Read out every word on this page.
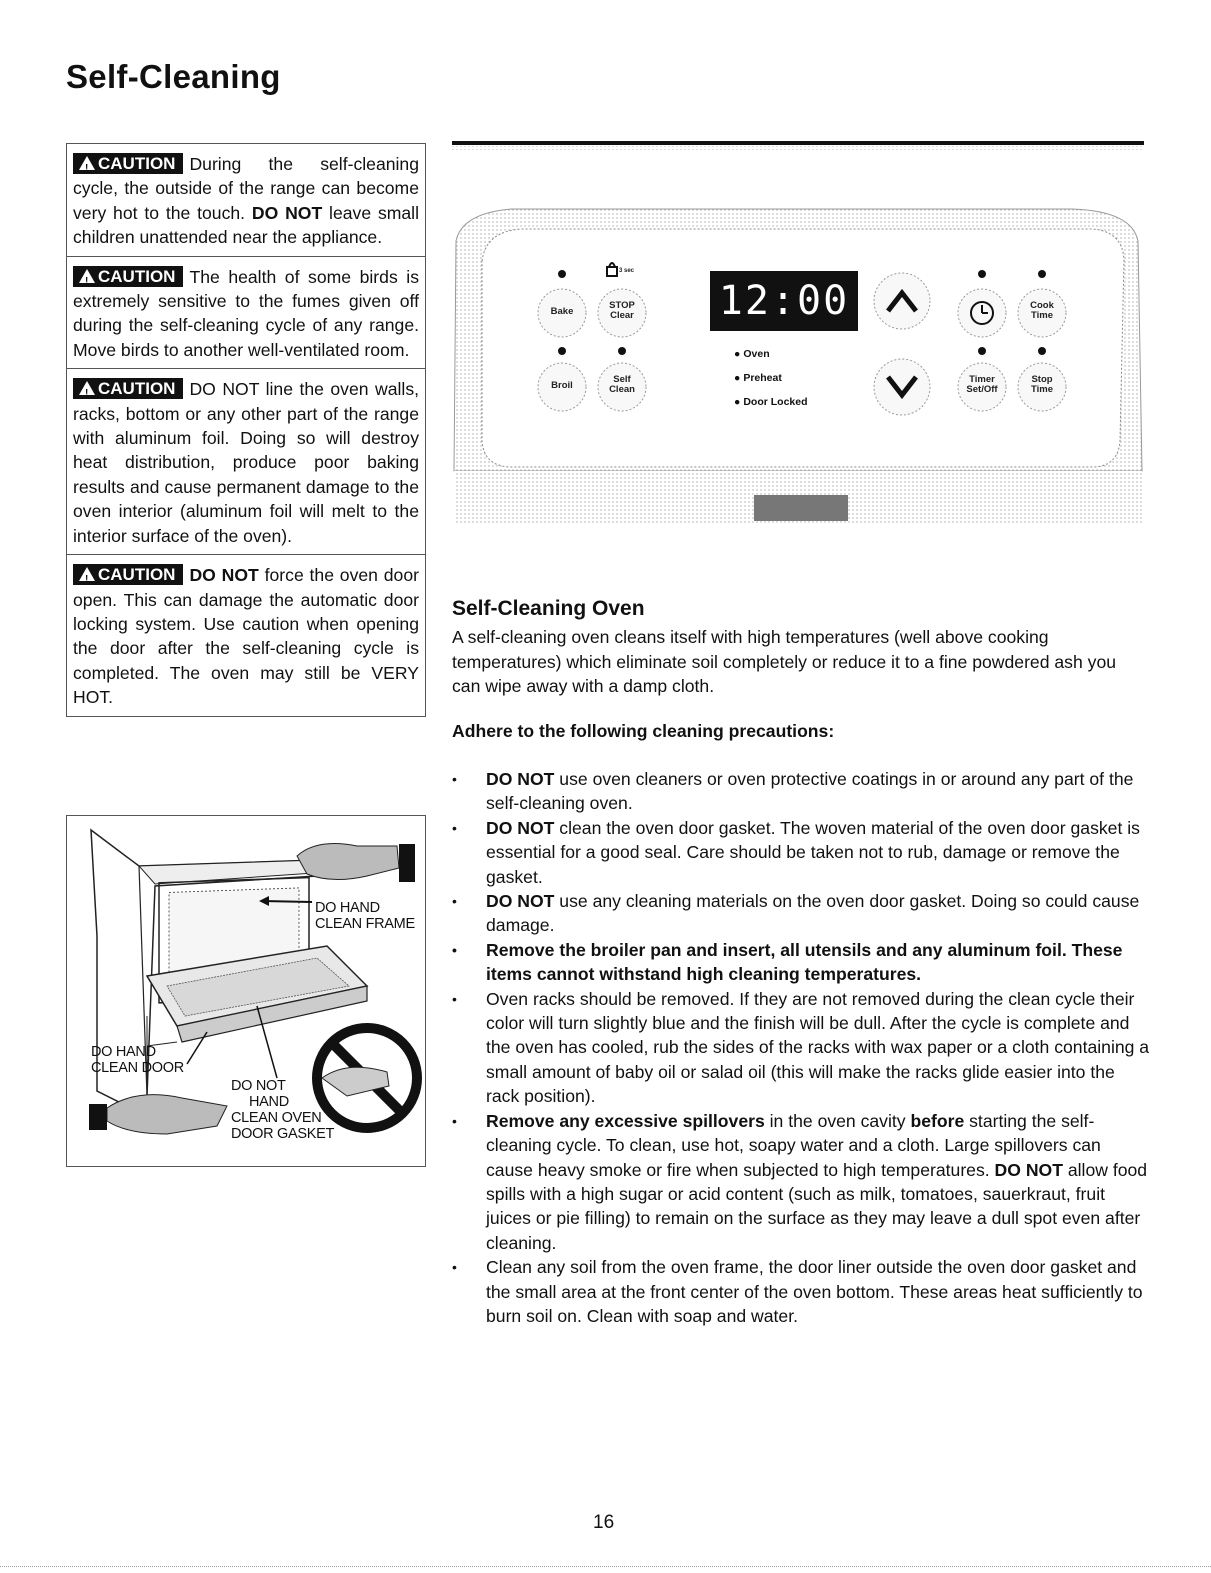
Self-Cleaning
! CAUTION During the self-cleaning cycle, the outside of the range can become very hot to the touch. DO NOT leave small children unattended near the appliance.
! CAUTION The health of some birds is extremely sensitive to the fumes given off during the self-cleaning cycle of any range. Move birds to another well-ventilated room.
! CAUTION DO NOT line the oven walls, racks, bottom or any other part of the range with aluminum foil. Doing so will destroy heat distribution, produce poor baking results and cause permanent damage to the oven interior (aluminum foil will melt to the interior surface of the oven).
! CAUTION DO NOT force the oven door open. This can damage the automatic door locking system. Use caution when opening the door after the self-cleaning cycle is completed. The oven may still be VERY HOT.
DO HAND
CLEAN FRAME
DO HAND
CLEAN DOOR
DO NOT
HAND
CLEAN OVEN
DOOR GASKET
3 sec
Bake
STOP
Clear
Broil
Self
Clean
Cook
Time
Timer
Set/Off
Stop
Time
12:00
● Oven
● Preheat
● Door Locked
Self-Cleaning Oven
A self-cleaning oven cleans itself with high temperatures (well above cooking temperatures) which eliminate soil completely or reduce it to a fine powdered ash you can wipe away with a damp cloth.
Adhere to the following cleaning precautions:
• DO NOT use oven cleaners or oven protective coatings in or around any part of the self-cleaning oven.
• DO NOT clean the oven door gasket. The woven material of the oven door gasket is essential for a good seal. Care should be taken not to rub, damage or remove the gasket.
• DO NOT use any cleaning materials on the oven door gasket. Doing so could cause damage.
• Remove the broiler pan and insert, all utensils and any aluminum foil. These items cannot withstand high cleaning temperatures.
• Oven racks should be removed. If they are not removed during the clean cycle their color will turn slightly blue and the finish will be dull. After the cycle is complete and the oven has cooled, rub the sides of the racks with wax paper or a cloth containing a small amount of baby oil or salad oil (this will make the racks glide easier into the rack position).
• Remove any excessive spillovers in the oven cavity before starting the self-cleaning cycle. To clean, use hot, soapy water and a cloth. Large spillovers can cause heavy smoke or fire when subjected to high temperatures. DO NOT allow food spills with a high sugar or acid content (such as milk, tomatoes, sauerkraut, fruit juices or pie filling) to remain on the surface as they may leave a dull spot even after cleaning.
• Clean any soil from the oven frame, the door liner outside the oven door gasket and the small area at the front center of the oven bottom. These areas heat sufficiently to burn soil on. Clean with soap and water.
16
